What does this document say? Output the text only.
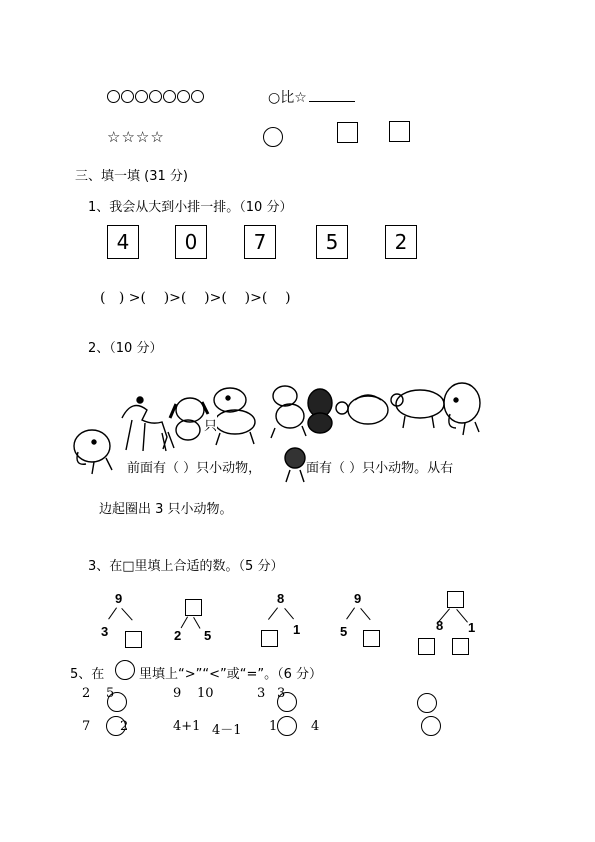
○比☆
☆☆☆☆
三、填一填 (31 分)
1、我会从大到小排一排。（10 分）
4	0	7	5	2
(   ) >(    )>(    )>(    )>(    )
2、（10 分）
只
前面有（ ）只小动物，	面有（ ）只小动物。从右
边起圈出 3 只小动物。
3、在□里填上合适的数。（5 分）
9
3	2 5
8
1
9
5	8 1
5、在	里填上“>”“<”或“=”。（6 分）
2 5	9 10	3 3
7 2	4+1 4－1 1	4
